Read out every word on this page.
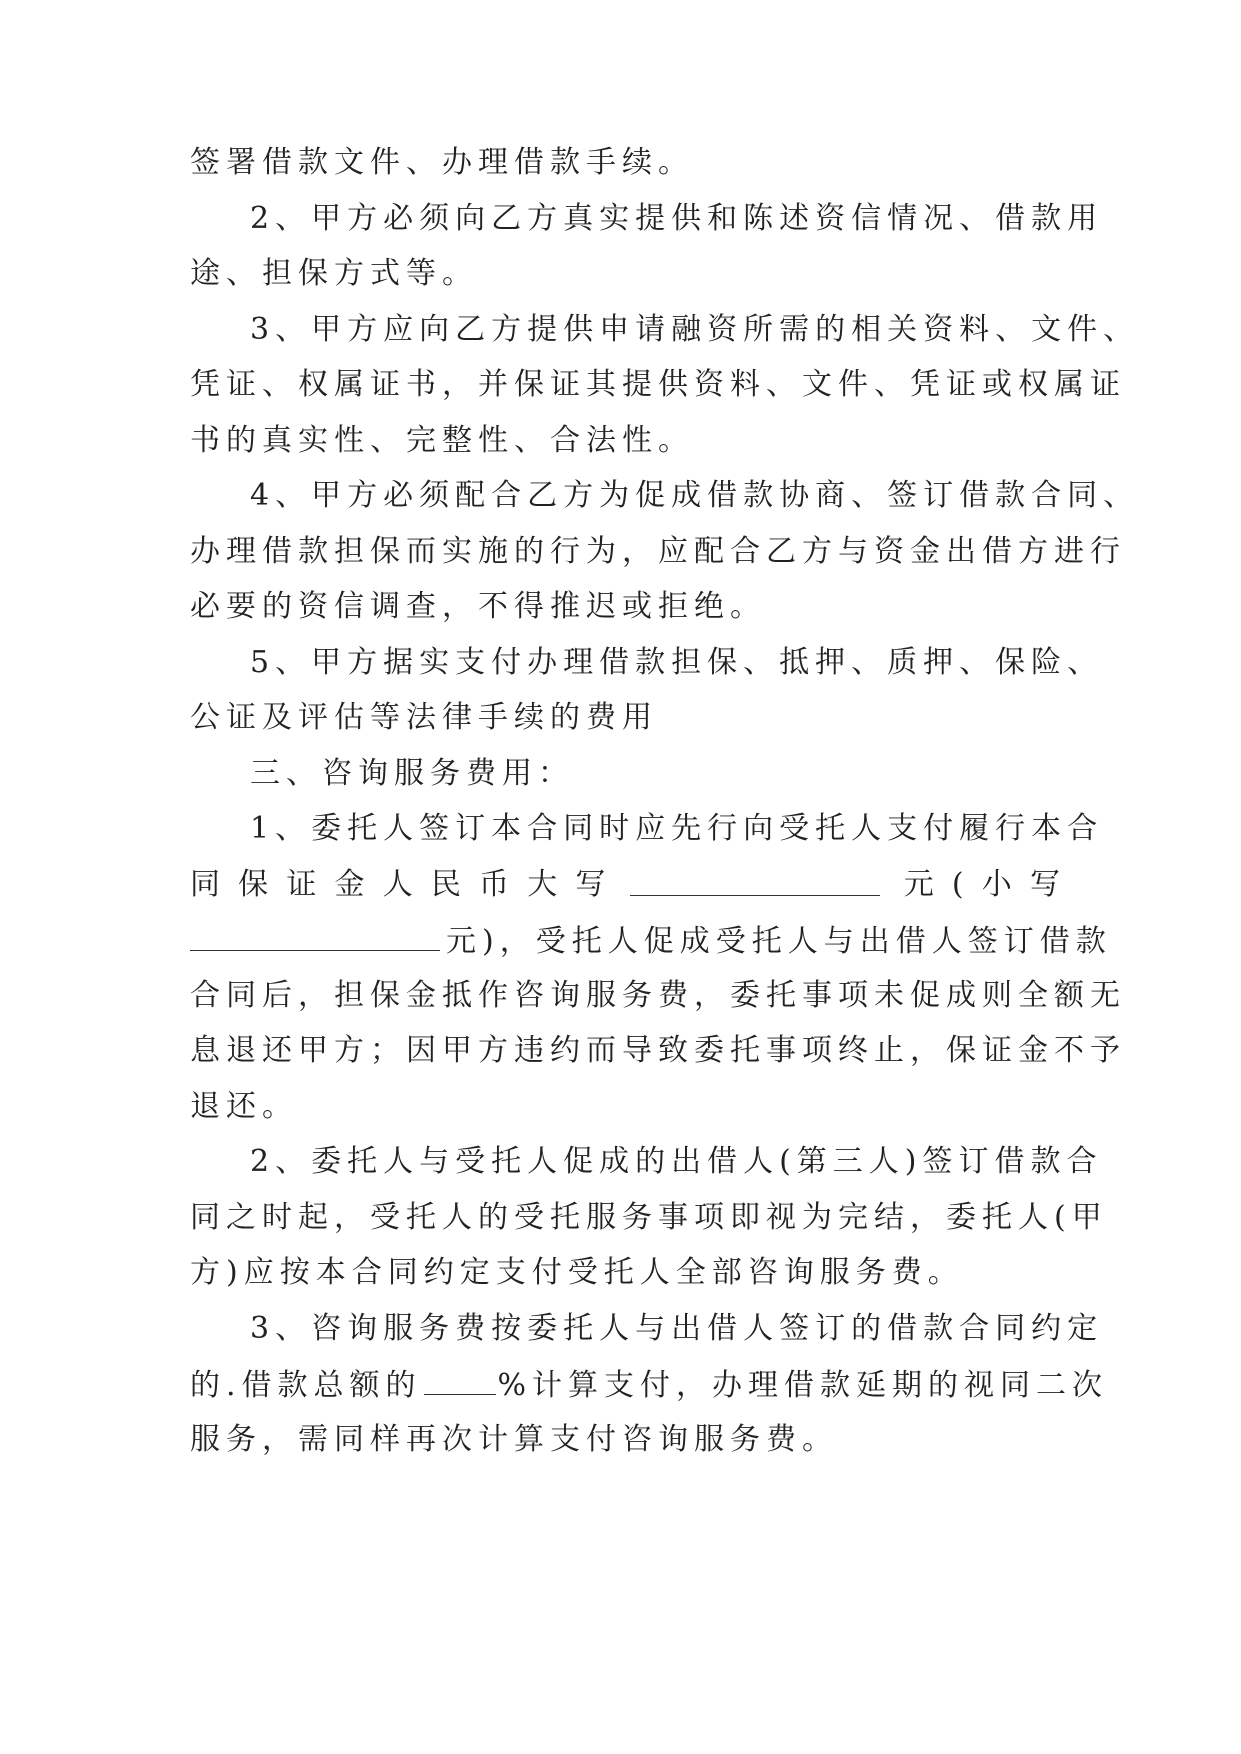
签署借款文件、办理借款手续。
2、甲方必须向乙方真实提供和陈述资信情况、借款用
途、担保方式等。
3、甲方应向乙方提供申请融资所需的相关资料、文件、
凭证、权属证书，并保证其提供资料、文件、凭证或权属证
书的真实性、完整性、合法性。
4、甲方必须配合乙方为促成借款协商、签订借款合同、
办理借款担保而实施的行为，应配合乙方与资金出借方进行
必要的资信调查，不得推迟或拒绝。
5、甲方据实支付办理借款担保、抵押、质押、保险、
公证及评估等法律手续的费用
三、咨询服务费用：
1、委托人签订本合同时应先行向受托人支付履行本合
同 保 证 金 人 民 币 大 写	元 ( 小 写
元)，受托人促成受托人与出借人签订借款
合同后，担保金抵作咨询服务费，委托事项未促成则全额无
息退还甲方；因甲方违约而导致委托事项终止，保证金不予
退还。
2、委托人与受托人促成的出借人(第三人)签订借款合
同之时起，受托人的受托服务事项即视为完结，委托人(甲
方)应按本合同约定支付受托人全部咨询服务费。
3、咨询服务费按委托人与出借人签订的借款合同约定
的.借款总额的	%计算支付，办理借款延期的视同二次
服务，需同样再次计算支付咨询服务费。
